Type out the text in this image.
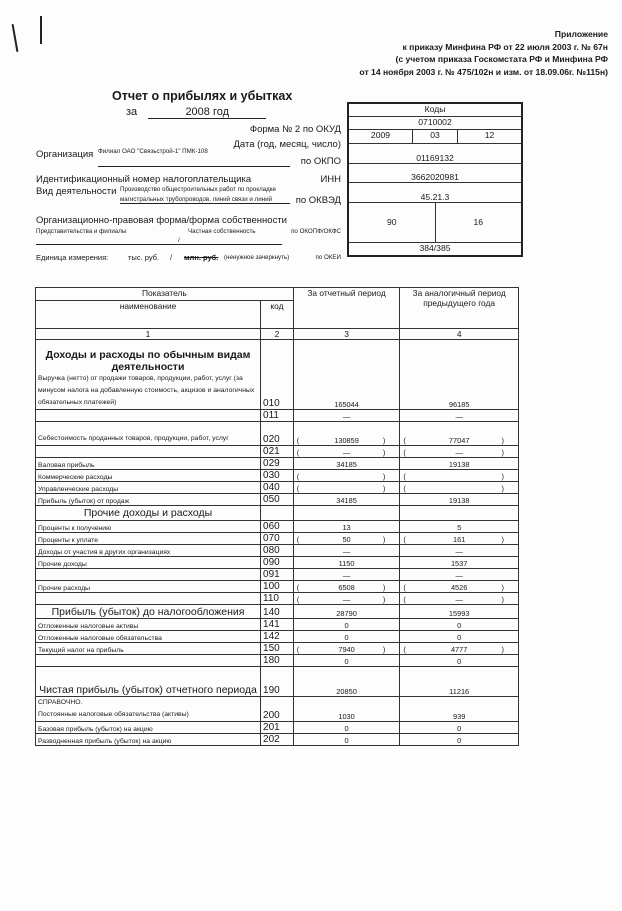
Приложение
к приказу Минфина РФ от 22 июля 2003 г. № 67н
(с учетом приказа Госкомстата РФ и Минфина РФ
от 14 ноября 2003 г. № 475/102н и изм. от 18.09.06г. №115н)
Отчет о прибылях и убытках
за	2008 год
Форма № 2 по ОКУД
Дата (год, месяц, число)
Организация Филиал ОАО "Связьстрой-1" ПМК-108
по ОКПО
Идентификационный номер налогоплательщика	ИНН
Вид деятельности Производство общестроительных работ по прокладке
магистральных трубопроводов, линий связи и линий	по ОКВЭД
Организационно-правовая форма/форма собственности
Представительства и филиалы	Частная собственность	по ОКОПФ/ОКФС
/
Единица измерения:	тыс. руб. / млн. руб. (ненужное зачеркнуть)	по ОКЕИ
Коды
0710002
2009	03	12
01169132
3662020981
45.21.3
90	16
384/385
Показатель		За отчетный период	За аналогичный период предыдущего года
наименование	код		
1	2	3	4

Доходы и расходы по обычным видам деятельности
Выручка (нетто) от продажи товаров, продукции, работ, услуг (за минусом налога на добавленную стоимость, акцизов и аналогичных обязательных платежей)	010	165044	96185
	011	—	—
Себестоимость проданных товаров, продукции, работ, услуг	020	( 130859 )	( 77047 )

	021	( — )	( — )

Валовая прибыль	029	34185	19138
Коммерческие расходы	030	( )	( )

Управленческие расходы	040	( )	( )

Прибыль (убыток) от продаж	050	34185	19138
Прочие доходы и расходы			
Проценты к получению	060	13	5
Проценты к уплате	070	( 50 )	( 161 )

Доходы от участия в других организациях	080	—	—
Прочие доходы	090	1150	1537
	091	—	—
Прочие расходы	100	( 6508 )	( 4526 )

	110	( — )	( — )

Прибыль (убыток) до налогообложения	140	28790	15993
Отложенные налоговые активы	141	0	0
Отложенные налоговые обязательства	142	0	0
Текущий налог на прибыль	150	( 7940 )	( 4777 )

	180	0	0
Чистая прибыль (убыток) отчетного периода	190	20850	11216

СПРАВОЧНО.
Постоянные налоговые обязательства (активы)	200	1030	939
Базовая прибыль (убыток) на акцию	201	0	0
Разводненная прибыль (убыток) на акцию	202	0	0
